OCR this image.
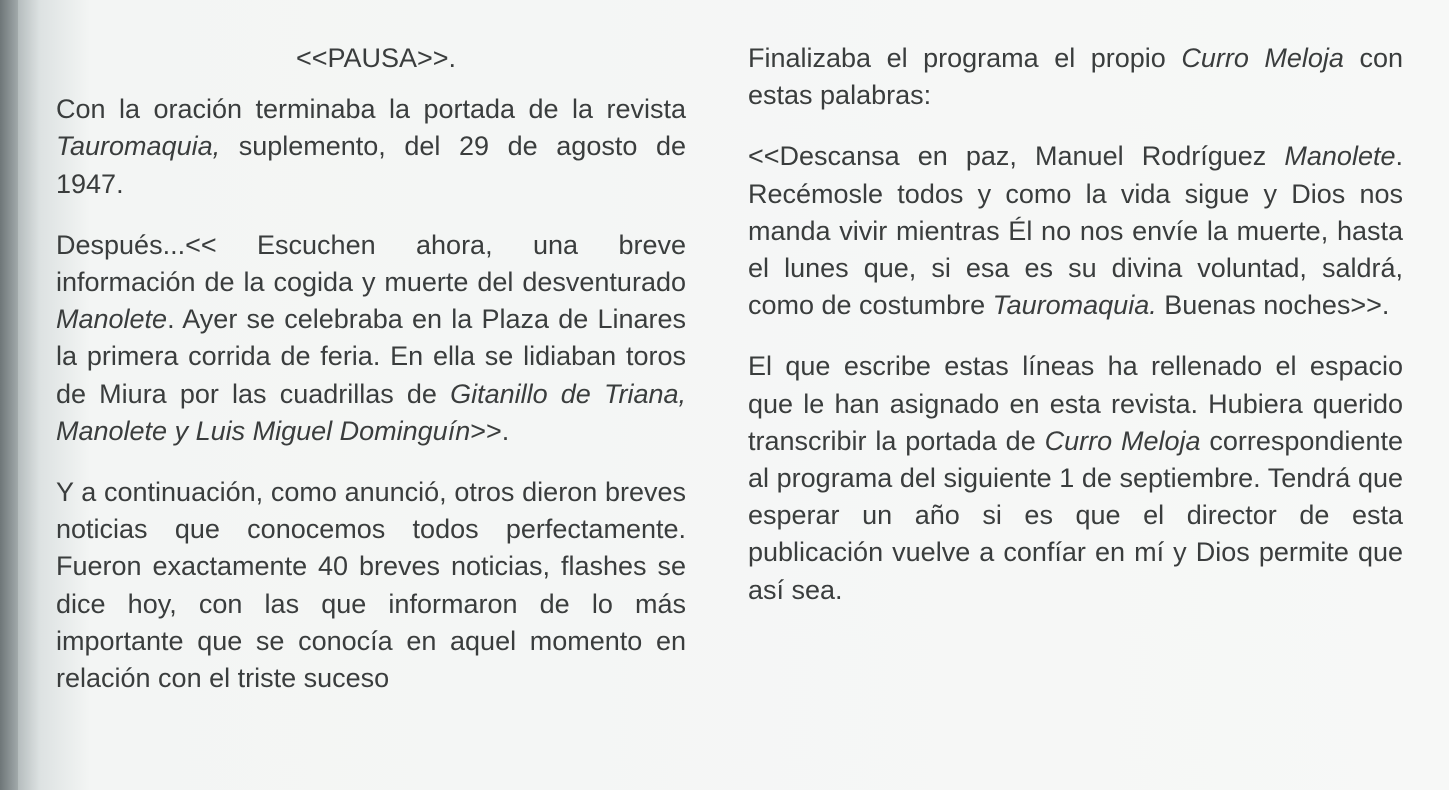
<<PAUSA>>.

Con la oración terminaba la portada de la revista Tauromaquia, suplemento, del 29 de agosto de 1947.

Después...<< Escuchen ahora, una breve información de la cogida y muerte del desventurado Manolete. Ayer se celebraba en la Plaza de Linares la primera corrida de feria. En ella se lidiaban toros de Miura por las cuadrillas de Gitanillo de Triana, Manolete y Luis Miguel Dominguín>>.

Y a continuación, como anunció, otros dieron breves noticias que conocemos todos perfectamente. Fueron exactamente 40 breves noticias, flashes se dice hoy, con las que informaron de lo más importante que se conocía en aquel momento en relación con el triste suceso

Finalizaba el programa el propio Curro Meloja con estas palabras:

<<Descansa en paz, Manuel Rodríguez Manolete. Recémosle todos y como la vida sigue y Dios nos manda vivir mientras Él no nos envíe la muerte, hasta el lunes que, si esa es su divina voluntad, saldrá, como de costumbre Tauromaquia. Buenas noches>>.

El que escribe estas líneas ha rellenado el espacio que le han asignado en esta revista. Hubiera querido transcribir la portada de Curro Meloja correspondiente al programa del siguiente 1 de septiembre. Tendrá que esperar un año si es que el director de esta publicación vuelve a confíar en mí y Dios permite que así sea.
